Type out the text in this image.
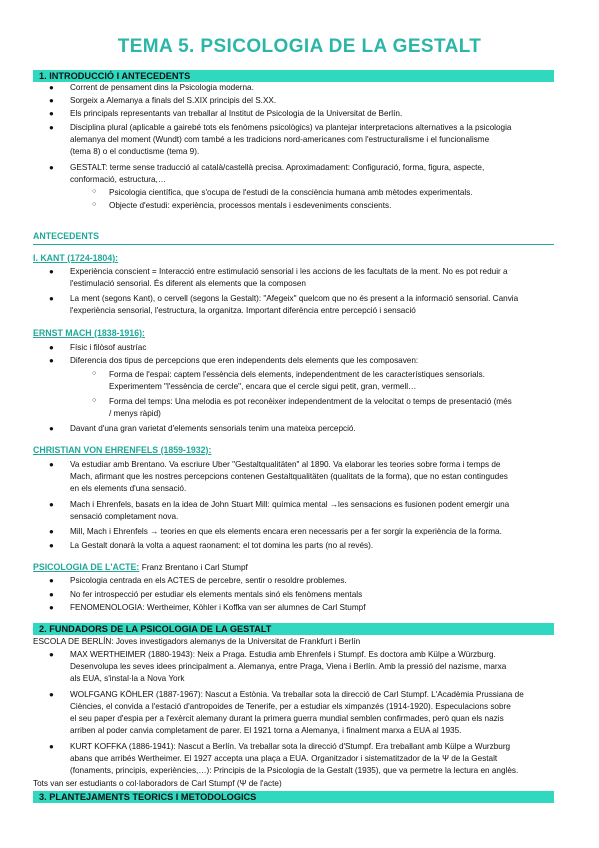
TEMA 5. PSICOLOGIA DE LA GESTALT
1. INTRODUCCIÓ I ANTECEDENTS
● Corrent de pensament dins la Psicologia moderna.
● Sorgeix a Alemanya a finals del S.XIX principis del S.XX.
● Els principals representants van treballar al Institut de Psicologia de la Universitat de Berlín.
● Disciplina plural (aplicable a gairebé tots els fenòmens psicològics) va plantejar interpretacions alternatives a la psicologia
alemanya del moment (Wundt) com també a les tradicions nord-americanes com l'estructuralisme i el funcionalisme
(tema 8) o el conductisme (tema 9).
● GESTALT: terme sense traducció al català/castellà precisa. Aproximadament: Configuració, forma, figura, aspecte,
conformació, estructura,…
○ Psicologia científica, que s'ocupa de l'estudi de la consciència humana amb mètodes experimentals.
○ Objecte d'estudi: experiència, processos mentals i esdeveniments conscients.
ANTECEDENTS
I. KANT (1724-1804):
● Experiència conscient = Interacció entre estimulació sensorial i les accions de les facultats de la ment. No es pot reduir a
l'estimulació sensorial. És diferent als elements que la composen
● La ment (segons Kant), o cervell (segons la Gestalt): "Afegeix" quelcom que no és present a la informació sensorial. Canvia
l'experiència sensorial, l'estructura, la organitza. Important diferència entre percepció i sensació
ERNST MACH (1838-1916):
● Físic i filòsof austríac
● Diferencia dos tipus de percepcions que eren independents dels elements que les composaven:
○ Forma de l'espai: captem l'essència dels elements, independentment de les característiques sensorials.
Experimentem "l'essència de cercle", encara que el cercle sigui petit, gran, vermell…
○ Forma del temps: Una melodia es pot reconèixer independentment de la velocitat o temps de presentació (més
/ menys ràpid)
● Davant d'una gran varietat d'elements sensorials tenim una mateixa percepció.
CHRISTIAN VON EHRENFELS (1859-1932):
● Va estudiar amb Brentano. Va escriure Uber "Gestaltqualitäten" al 1890. Va elaborar les teories sobre forma i temps de
Mach, afirmant que les nostres percepcions contenen Gestaltqualitäten (qualitats de la forma), que no estan contingudes
en els elements d'una sensació.
● Mach i Ehrenfels, basats en la idea de John Stuart Mill: química mental →les sensacions es fusionen podent emergir una
sensació completament nova.
● Mill, Mach i Ehrenfels → teories en que els elements encara eren necessaris per a fer sorgir la experiència de la forma.
● La Gestalt donarà la volta a aquest raonament: el tot domina les parts (no al revés).
PSICOLOGIA DE L'ACTE: Franz Brentano i Carl Stumpf
● Psicologia centrada en els ACTES de percebre, sentir o resoldre problemes.
● No fer introspecció per estudiar els elements mentals sinó els fenòmens mentals
● FENOMENOLOGIA: Wertheimer, Köhler i Koffka van ser alumnes de Carl Stumpf
2. FUNDADORS DE LA PSICOLOGIA DE LA GESTALT
ESCOLA DE BERLÍN: Joves investigadors alemanys de la Universitat de Frankfurt i Berlín
● MAX WERTHEIMER (1880-1943): Neix a Praga. Estudia amb Ehrenfels i Stumpf. Es doctora amb Külpe a Würzburg.
Desenvolupa les seves idees principalment a. Alemanya, entre Praga, Viena i Berlín. Amb la pressió del nazisme, marxa
als EUA, s'instal·la a Nova York
● WOLFGANG KÖHLER (1887-1967): Nascut a Estònia. Va treballar sota la direcció de Carl Stumpf. L'Acadèmia Prussiana de
Ciències, el convida a l'estació d'antropoides de Tenerife, per a estudiar els ximpanzés (1914-1920). Especulacions sobre
el seu paper d'espia per a l'exèrcit alemany durant la primera guerra mundial semblen confirmades, però quan els nazis
arriben al poder canvia completament de parer. El 1921 torna a Alemanya, i finalment marxa a EUA al 1935.
● KURT KOFFKA (1886-1941): Nascut a Berlín. Va treballar sota la direcció d'Stumpf. Era treballant amb Külpe a Wurzburg
abans que arribés Wertheimer. El 1927 accepta una plaça a EUA. Organitzador i sistematitzador de la Ψ de la Gestalt
(fonaments, principis, experiències,…): Principis de la Psicologia de la Gestalt (1935), que va permetre la lectura en anglès.
Tots van ser estudiants o col·laboradors de Carl Stumpf (Ψ de l'acte)
3. PLANTEJAMENTS TEORICS I METODOLOGICS
